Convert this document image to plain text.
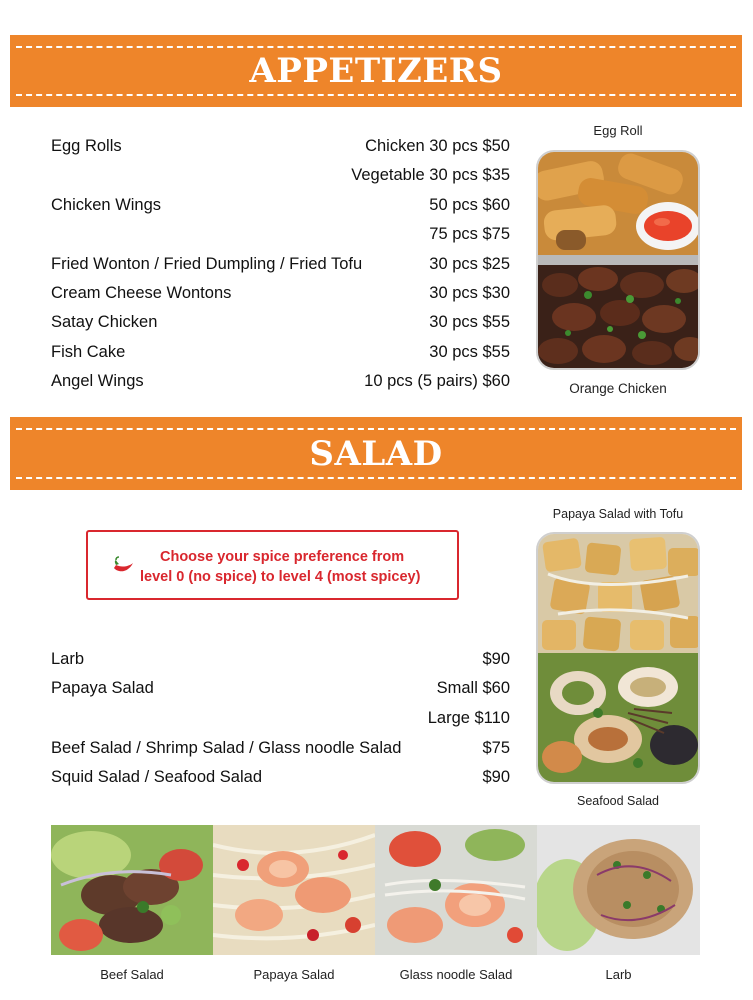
APPETIZERS
Egg Rolls	Chicken 30 pcs $50
Vegetable 30 pcs $35
Chicken Wings	50 pcs $60
75 pcs $75
Fried Wonton / Fried Dumpling / Fried Tofu	30 pcs $25
Cream Cheese Wontons	30 pcs $30
Satay Chicken	30 pcs $55
Fish Cake	30 pcs $55
Angel Wings	10 pcs (5 pairs) $60
Egg Roll
Orange Chicken
SALAD
Choose your spice preference from
level 0 (no spice) to level 4 (most spicey)
Larb	$90
Papaya Salad	Small $60
Large $110
Beef Salad / Shrimp Salad / Glass noodle Salad	$75
Squid Salad / Seafood Salad	$90
Papaya Salad with Tofu
Seafood Salad
Beef Salad	Papaya Salad	Glass noodle Salad	Larb
